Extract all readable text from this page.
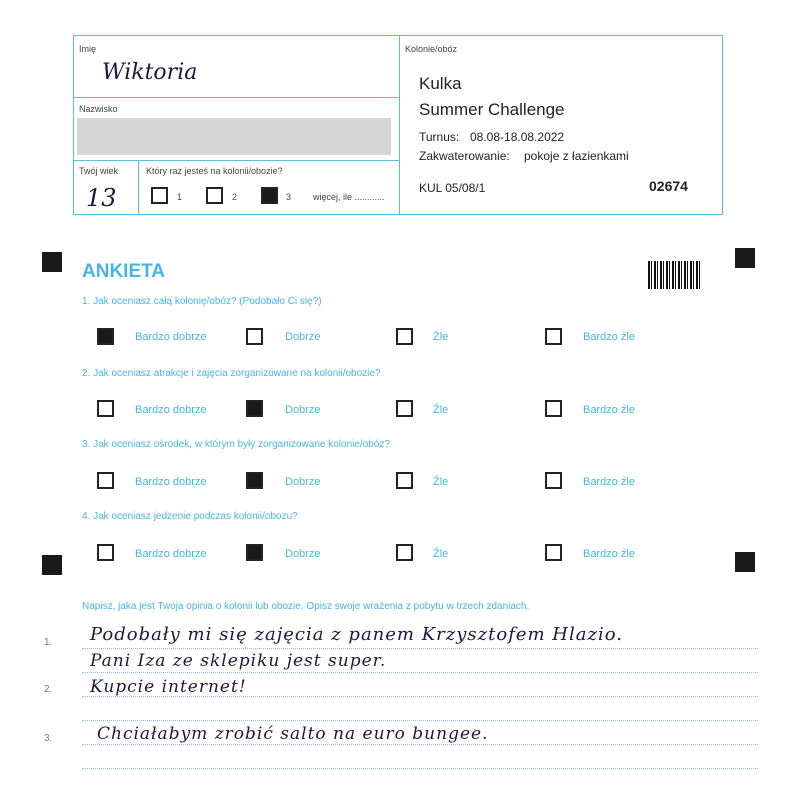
Imię
Wiktoria
Nazwisko
Twój wiek
13
Który raz jesteś na kolonii/obozie?
1	2	3 więcej, ile ............
Kolonie/obóz
Kulka
Summer Challenge
Turnus: 08.08-18.08.2022
Zakwaterowanie: pokoje z łazienkami
KUL 05/08/1	02674
ANKIETA
1. Jak oceniasz całą kolonię/obóz? (Podobało Ci się?)
Bardzo dobrze	Dobrze	Źle	Bardzo źle
2. Jak oceniasz atrakcje i zajęcia zorganizowane na kolonii/obozie?
Bardzo dobrze	Dobrze	Źle	Bardzo źle
3. Jak oceniasz ośrodek, w którym były zorganizowane kolonie/obóz?
Bardzo dobrze	Dobrze	Źle	Bardzo źle
4. Jak oceniasz jedzenie podczas kolonii/obozu?
Bardzo dobrze	Dobrze	Źle	Bardzo źle
Napisz, jaka jest Twoja opinia o kolonii lub obozie. Opisz swoje wrażenia z pobytu w trzech zdaniach.
1.
2.
3.
Podobały mi się zajęcia z panem Krzysztofem Hlazio.
Pani Iza ze sklepiku jest super.
Kupcie internet!
Chciałabym zrobić salto na euro bungee.
